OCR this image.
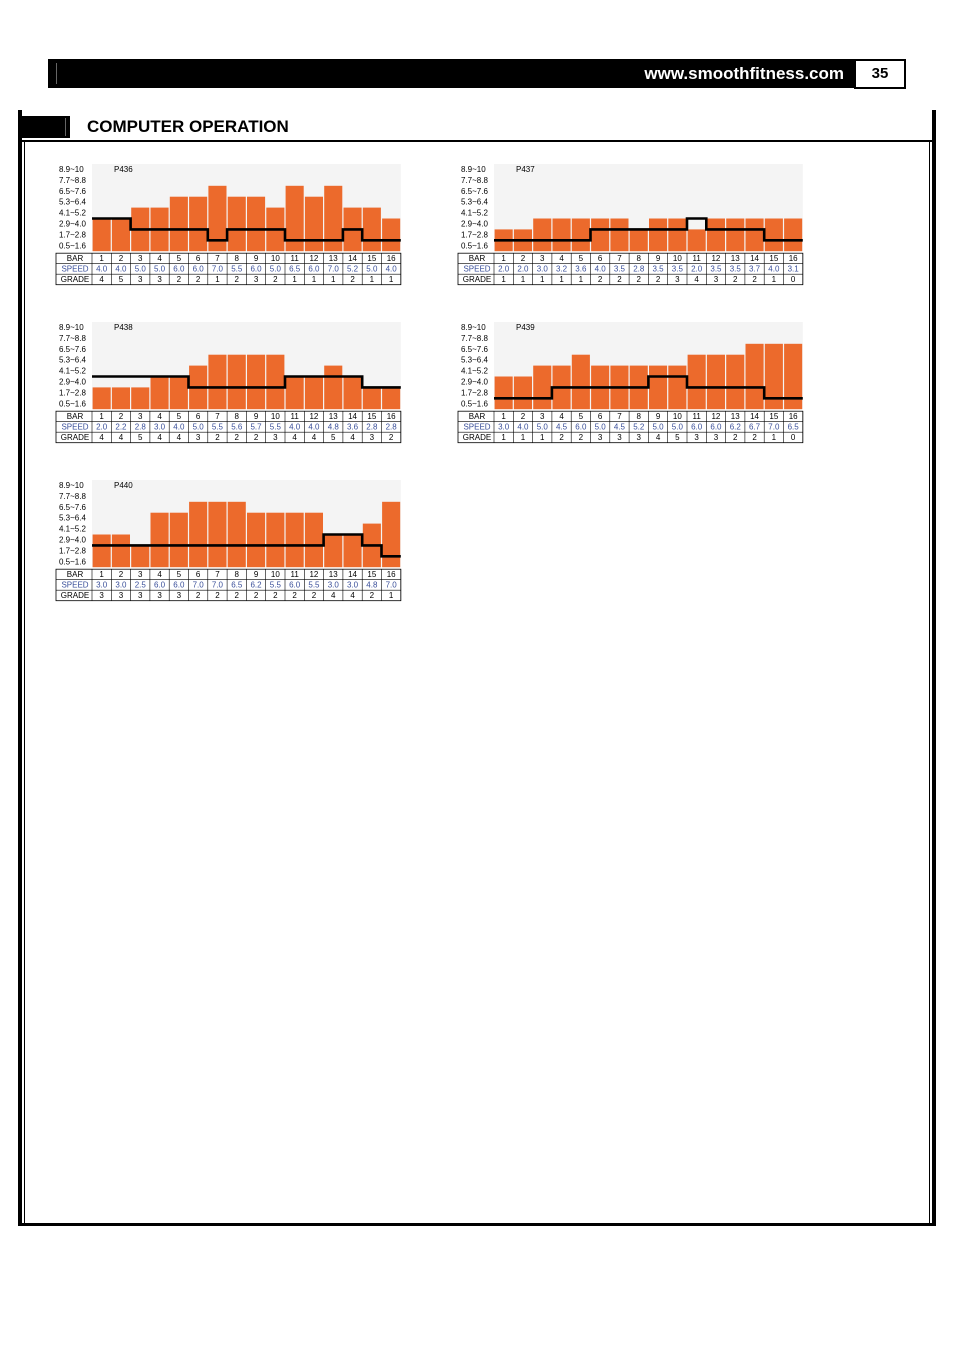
www.smoothfitness.com	35
COMPUTER OPERATION
8.9~10
7.7~8.8
6.5~7.6
5.3~6.4
4.1~5.2
2.9~4.0
1.7~2.8
0.5~1.6
P436
BAR
SPEED
GRADE
1 2 3 4 5 6 7 8 9 10 11 12 13 14 15 16
4.0 4.0 5.0 5.0 6.0 6.0 7.0 5.5 6.0 5.0 6.5 6.0 7.0 5.2 5.0 4.0
4 5 3 3 2 2 1 2 3 2 1 1 1 2 1 1
8.9~10
7.7~8.8
6.5~7.6
5.3~6.4
4.1~5.2
2.9~4.0
1.7~2.8
0.5~1.6
P437
BAR
SPEED
GRADE
1 2 3 4 5 6 7 8 9 10 11 12 13 14 15 16
2.0 2.0 3.0 3.2 3.6 4.0 3.5 2.8 3.5 3.5 2.0 3.5 3.5 3.7 4.0 3.1
1 1 1 1 1 2 2 2 2 3 4 3 2 2 1 0
8.9~10
7.7~8.8
6.5~7.6
5.3~6.4
4.1~5.2
2.9~4.0
1.7~2.8
0.5~1.6
P438
BAR
SPEED
GRADE
1 2 3 4 5 6 7 8 9 10 11 12 13 14 15 16
2.0 2.2 2.8 3.0 4.0 5.0 5.5 5.6 5.7 5.5 4.0 4.0 4.8 3.6 2.8 2.8
4 4 5 4 4 3 2 2 2 3 4 4 5 4 3 2
8.9~10
7.7~8.8
6.5~7.6
5.3~6.4
4.1~5.2
2.9~4.0
1.7~2.8
0.5~1.6
P439
BAR
SPEED
GRADE
1 2 3 4 5 6 7 8 9 10 11 12 13 14 15 16
3.0 4.0 5.0 4.5 6.0 5.0 4.5 5.2 5.0 5.0 6.0 6.0 6.2 6.7 7.0 6.5
1 1 1 2 2 3 3 3 4 5 3 3 2 2 1 0
8.9~10
7.7~8.8
6.5~7.6
5.3~6.4
4.1~5.2
2.9~4.0
1.7~2.8
0.5~1.6
P440
BAR
SPEED
GRADE
1 2 3 4 5 6 7 8 9 10 11 12 13 14 15 16
3.0 3.0 2.5 6.0 6.0 7.0 7.0 6.5 6.2 5.5 6.0 5.5 3.0 3.0 4.8 7.0
3 3 3 3 3 2 2 2 2 2 2 2 4 4 2 1
